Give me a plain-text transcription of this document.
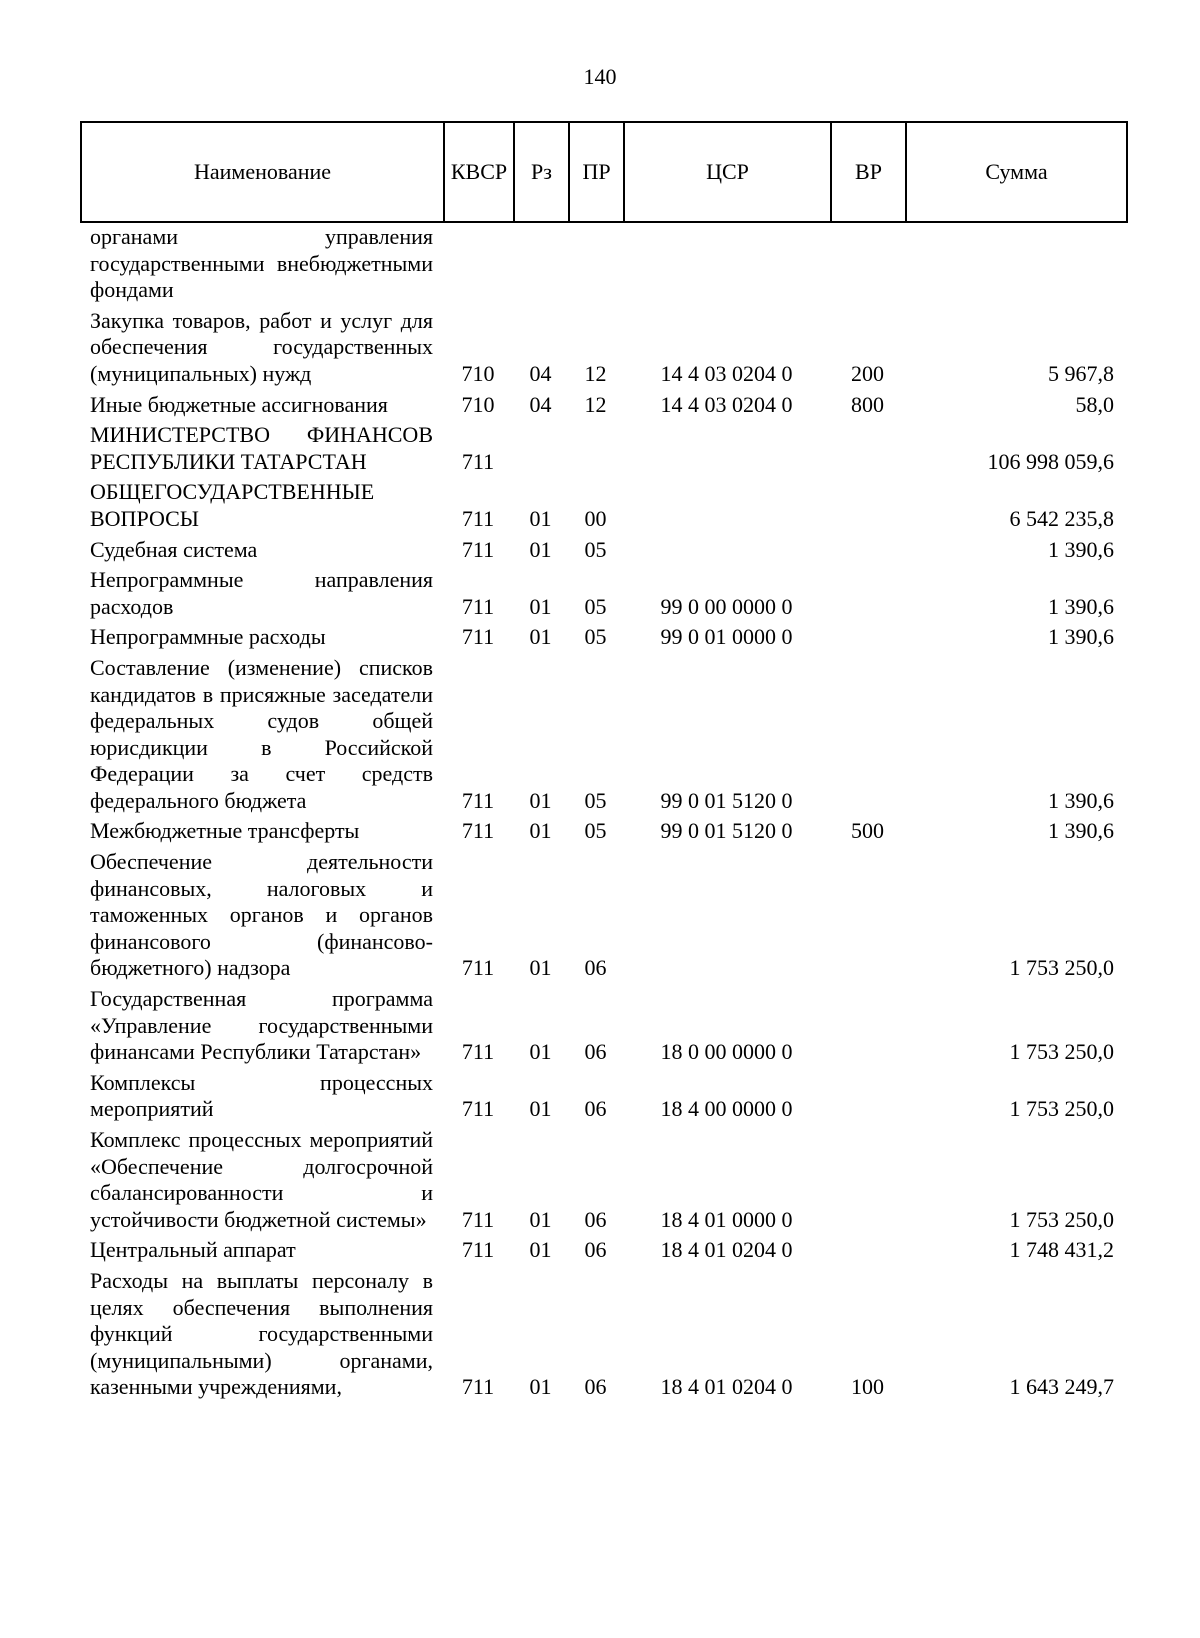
140
Наименование	КВСР	Рз	ПР	ЦСР	ВР	Сумма
органами управления государственными внебюджетными фондами						
Закупка товаров, работ и услуг для обеспечения государственных (муниципальных) нужд	710	04	12	14 4 03 0204 0	200	5 967,8
Иные бюджетные ассигнования	710	04	12	14 4 03 0204 0	800	58,0
МИНИСТЕРСТВО ФИНАНСОВ РЕСПУБЛИКИ ТАТАРСТАН	711					106 998 059,6
ОБЩЕГОСУДАРСТВЕННЫЕ ВОПРОСЫ	711	01	00			6 542 235,8
Судебная система	711	01	05			1 390,6
Непрограммные направления расходов	711	01	05	99 0 00 0000 0		1 390,6
Непрограммные расходы	711	01	05	99 0 01 0000 0		1 390,6
Составление (изменение) списков кандидатов в присяжные заседатели федеральных судов общей юрисдикции в Российской Федерации за счет средств федерального бюджета	711	01	05	99 0 01 5120 0		1 390,6
Межбюджетные трансферты	711	01	05	99 0 01 5120 0	500	1 390,6
Обеспечение деятельности финансовых, налоговых и таможенных органов и органов финансового (финансово-бюджетного) надзора	711	01	06			1 753 250,0
Государственная программа «Управление государственными финансами Республики Татарстан»	711	01	06	18 0 00 0000 0		1 753 250,0
Комплексы процессных мероприятий	711	01	06	18 4 00 0000 0		1 753 250,0
Комплекс процессных мероприятий «Обеспечение долгосрочной сбалансированности и устойчивости бюджетной системы»	711	01	06	18 4 01 0000 0		1 753 250,0
Центральный аппарат	711	01	06	18 4 01 0204 0		1 748 431,2
Расходы на выплаты персоналу в целях обеспечения выполнения функций государственными (муниципальными) органами, казенными учреждениями,	711	01	06	18 4 01 0204 0	100	1 643 249,7
